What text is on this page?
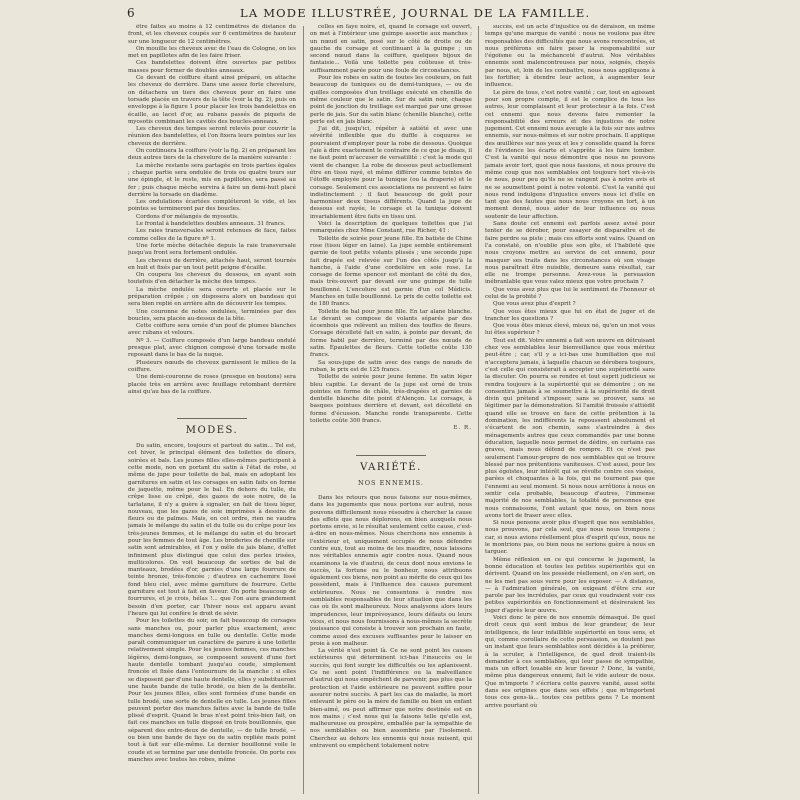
6	LA MODE ILLUSTRÉE, JOURNAL DE LA FAMILLE.

être faites au moins à 12 centimètres de distance du front, et les cheveux coupés sur 6 centimètres de hauteur sur une longueur de 12 centimètres.

On mouille les cheveux avec de l'eau de Cologne, on les met en papillotes afin de les faire friser.

Ces bandelettes doivent être ouvertes par petites masses pour former de doubles anneaux.

Ce devant de coiffure étant ainsi préparé, on attache les cheveux de derrière. Dans une assez forte chevelure, on détachera un tiers des cheveux pour en faire une torsade placée en travers de la tête (voir la fig. 2), puis on enveloppe à la figure 1 pour placer les trois bandelettes en écaille, au lacet d'or, au rubans passés de piquets de myosotis combinant les cavités des boucles-anneaux.

Les cheveux des tempes seront relevés pour couvrir la réunion des bandelettes, et l'on fixera leurs pointes sur les cheveux de derrière.

On continuera la coiffure (voir la fig. 2) en préparant les deux autres tiers de la chevelure de la manière suivante :

La mèche restante sera partagée en trois parties égales ; chaque partie sera ondulée de trois ou quatre tours sur une épingle, et le reste, mis en papillotes, sera passé au fer ; puis chaque mèche servira à faire un demi-huit placé derrière la torsade en diadème.

Les ondulations écartées compléteront le vide, et les pointes se termineront par des boucles.

Cordons d'or mélangés de myosotis.

Le frontal à bandelettes doubles anneaux. 31 francs.

Les raies transversales seront retenues de face, faites comme celles de la figure nº 1.

Une forte mèche détachée depuis la raie transversale jusqu'au front sera fortement ondulée.

Les cheveux de derrière, attachés haut, seront tournés en huit et fixés par un tout petit peigne d'écaille.

On coupera les cheveux du dessous, en ayant soin toutefois d'en détacher la mèche des tempes.

La mèche ondulée sera ouverte et placée sur le préparation crêpée ; on disposera alors un bandeau qui sera bien replié en arrière afin de découvrir les tempes.

Une couronne de notes ondulées, terminées par des boucles, sera placée au-dessus de la tête.

Cette coiffure sera ornée d'un pouf de plumes blanches avec rubans et velours.

Nº 3. — Coiffure composée d'un large bandeau ondulé presque plat, avec chignon composé d'une torsade molle reposant dans le bas de la nuque.

Plusieurs nœuds de cheveux garnissent le milieu de la coiffure.

Une demi-couronne de roses (presque en boutons) sera placée très en arrière avec feuillage retombant derrière ainsi qu'au bas de la coiffure.

MODES.

Du satin, encore, toujours et partout du satin... Tel est, cet hiver, le principal élément des toilettes de dîners, soirées et bals. Les jeunes filles elles-mêmes participent à cette mode, non en portant du satin à l'état de robe, si même de jupe pour toilette de bal, mais en adoptant les garnitures en satin et les corsages en satin faits en forme de jaquette, même pour le bal. En dehors du tulle, du crêpe lisse ou crêpé, des gazes de soie noire, de la tarlatane, il n'y a guère à signaler, en fait de tissu léger, nouveau, que les gazes de soie imprimées à dessins de fleurs ou de palmes. Mais, en cet ordre, rien ne vaudra jamais le mélange du satin et du tulle ou du crêpe pour les très-jeunes femmes, et le mélange du satin et du brocart pour les femmes de tout âge. Les broderies de chenille sur satin sont admirables, et l'on y mêle du jais blanc, d'effet infiniment plus distingué que celui des perles irisées, multicolores. On voit beaucoup de sorties de bal de manteaux, brodées d'or, garnies d'une large fourrure de teinte bronze, très-foncée ; d'autres en cachemire lissé fond bleu ciel, avec même garniture de fourrure. Cette garniture est tout à fait en faveur. On porte beaucoup de fourrures, et je crois, hélas !... que l'on aura grandement besoin d'en porter, car l'hiver nous est apparu avant l'heure qui lui confère le droit de sévir.

Pour les toilettes du soir, on fait beaucoup de corsages sans manches ou, pour parler plus exactement, avec manches demi-longues en tulle ou dentelle. Cette mode paraît communiquer un caractère de parure à une toilette relativement simple. Pour les jeunes femmes, ces manches légères, demi-longues, se composent souvent d'une fort haute dentelle tombant jusqu'au coude, simplement froncée et fixée dans l'entournure de la manche ; si elles se disposent par d'une haute dentelle, elles y substitueront une haute bande de tulle brodé, ou bien de la dentelle. Pour les jeunes filles, elles sont formées d'une bande en tulle brodé, une sorte de dentelle en tulle. Les jeunes filles peuvent porter des manches faites avec la bande de tulle plissé d'esprit. Quand le bras n'est point très-bien fait, on fait ces manches en tulle disposé en trois bouillonnés, que séparent des entre-deux de dentelle, — de tulle brodé, — ou bien une bande de faye ou de satin repliée mais point tout à fait sur elle-même. Le dernier bouillonné voile le coude et se termine par une dentelle froncée. On porte ces manches avec toutes les robes, même

celles en faye noire, et, quand le corsage est ouvert, on met à l'intérieur une guimpe assortie aux manches ; un nœud en satin, posé sur le côté de droite ou de gauche du corsage et continuant à la guimpe ; un second nœud dans la coiffure, quelques bijoux de fantaisie... Voilà une toilette peu coûteuse et très-suffisamment parée pour une foule de circonstances.

Pour les robes en satin de toutes les couleurs, on fait beaucoup de tuniques ou de demi-tuniques, — ou de quilles composées d'un treillage exécuté en chenille de même couleur que le satin. Sur du satin noir, chaque point de jonction du treillage est marqué par une grosse perle de jais. Sur du satin blanc (chenille blanche), cette perle est en jais blanc.

J'ai dit, jusqu'ici, répéter à satiété et avec une sévérité inflexible que du duffle à coquures se pourvaient d'employer pour la robe de dessous. Quoique j'aie à dire exactement le contraire de ce que je disais, il ne faut point m'accuser de versatilité : c'est la mode qui vient de changer. La robe de dessous peut actuellement être en tissu rayé, et même différer comme teintes de l'étoffe employée pour la tunique (ou la draperie) et le corsage. Seulement ces associations ne peuvent se faire indistinctement ; il faut beaucoup de goût pour harmoniser deux tissus différents. Quand la jupe de dessous est rayée, le corsage et la tunique doivent invariablement être faits en tissu uni.

Voici la description de quelques toilettes que j'ai remarquées chez Mme Constant, rue Richer, 41 :

Toilette de soirée pour jeune fille. En batiste de Chine rose (tissu léger en laine). La jupe semble entièrement garnie de tout petits volants plissés ; une seconde jupe fait drapée est relevée sur l'un des côtés jusqu'à la hanche, à l'aide d'une cordelière en soie rose. Le corsage de forme spencer est montant de côté du dos, mais très-ouvert par devant sur une guimpe de tulle bouillonné. L'encolure est garnie d'un col Médicis. Manches en tulle bouillonné. Le prix de cette toilette est de 180 francs.

Toilette de bal pour jeune fille. En tar alane blanche. Le devant se compose de volants séparés par des écoenbois que relèvent au milieu des touffes de fleurs. Corsage décolleté fait en satin, à pointe par devant, de forme habil par derrière, terminé par des nœuds de satin. Épaulettes de fleurs. Cette toilette coûte 130 francs.

Sa sous-jupe de satin avec des rangs de nœuds de ruban, le prix est de 125 francs.

Toilette de soirée pour jeune femme. En satin léger bleu capitie. Le devant de la jupe est orné de trois pointes en forme de châle, très-drapées et garnies de dentelle blanche dite point d'Alençon. Le corsage, à basques pointues derrière et devant, est décolleté en forme d'écusson. Manche ronde transparente. Cette toilette coûte 300 francs.

E. R.

VARIÉTÉ.
NOS ENNEMIS.

Dans les retours que nous faisons sur nous-mêmes, dans les jugements que nous portons sur autrui, nous pouvons difficilement nous résoudre à chercher la cause des effets que nous déplorons, en bien auxquels nous portons envie, si le résultat seulement cette cause, c'est-à-dire en nous-mêmes. Nous cherchons nos ennemis à l'extérieur et, uniquement occupés de nous défendre contre eux, tout au moins de les maudire, nous laissons nos véritables ennemis agir contre nous. Quand nous examinons la vie d'autrui, de ceux dont nous envions le succès, la fortune ou le bonheur, nous attribuons également ces biens, non point au mérite de ceux qui les possèdent, mais à l'influence des causes purement extérieures. Nous ne consentons à rendre nos semblables responsables de leur situation que dans les cas où ils sont malheureux. Nous analysons alors leurs imprudences, leur imprévoyance, leurs défauts ou leurs vices, et nous nous fournissons à nous-mêmes la secrète jouissance qui consiste à trouver son prochain en faute, comme aussi des excuses suffisantes pour le laisser en proie à son malheur.

La vérité n'est point là. Ce ne sont point les causes extérieures qui déterminent ici-bas l'insuccès ou le succès, qui font surgir les difficultés ou les aplanissent. Ce ne sont point l'indifférence ou la malveillance d'autrui qui nous empêchent de parvenir, pas plus que la protection et l'aide extérieure ne peuvent suffire pour assurer notre succès. A part les cas de maladie, la mort enlevant le père ou la mère de famille ou bien un enfant bien-aimé, ou peut affirmer que notre destinée est en nos mains ; c'est nous qui la faisons telle qu'elle est, malheureuse ou prospère, emballée par la sympathie de nos semblables ou bien assombrie par l'isolement. Cherchez au dehors les ennemis qui nous nuisent, qui entravent ou empêchent totalement notre

succès, est un acte d'injustice ou de déraison, en même temps qu'une marque de vanité : nous ne voulons pas être responsables des difficultés que nous avons rencontrées, et nous préférons en faire peser la responsabilité sur l'égoïsme ou la méchanceté d'autrui. Nos véritables ennemis sont malencontreuses par nous, soignés, choyés par nous, et, loin de les combattre, nous nous appliquons à les fortifier, à étendre leur action, à augmenter leur influence.

Le père de tous, c'est notre vanité ; car, tout en agissant pour son propre compte, il est le complice de tous les autres, leur complaisant et leur protecteur à la fois. C'est cet ennemi que nous devons faire remonter la responsabilité des erreurs et des injustices de notre jugement. Cet ennemi nous aveugle à la fois sur nos autres ennemis, sur nous-mêmes et sur notre prochain. Il applique des œuillères sur nos yeux et les y consolide quand la force de l'évidence les écarte et s'apprête à les faire tomber. C'est la vanité qui nous démontre que nous ne pouvons jamais avoir tort, quoi que nous fassions, et nous prouve du même coup que nos semblables ont toujours tort vis-à-vis de nous, pour peu qu'ils ne se rangent pas à notre avis et ne se soumettent point à notre volonté. C'est la vanité qui nous rend indulgens d'injustice envers nous ici d'elle en tant que des fautes que nous nous croyons en tort, à un moment donné, nous aider de leur influence ou nous soutenir de leur affection.

Sans doute cet ennemi est parfois assez avisé pour tenter de se dérober, pour essayer de disparaître et de faire perdre sa piste ; mais ces efforts sont vains. Quand on l'a constaté, on n'oublie plus son gîte, et l'habileté que nous croyons mettre au service de cet ennemi, pour masquer ses traits dans les circonstances où son visage nous paraîtrait être nuisible, demeure sans résultat, car elle ne trompe personne. Avez-vous la persuasion inébranlable que vous valez mieux que votre prochain ?

Que vous avez plus que lui le sentiment de l'honneur et celui de la probité ?

Que vous avez plus d'esprit ?

Que vous êtes mieux que lui en état de juger et de trancher les questions ?

Que vous êtes mieux élevé, mieux né, qu'en un mot vous lui êtes supérieur ?

Tout est dit. Votre ennemi a fait son œuvre en détruisant chez vos semblables leur bienveillance que vous méritez peut-être ; car, s'il y a ici-bas une humiliation que nul n'acceptera jamais, à laquelle chacun se dérobera toujours, c'est celle qui consisterait à accepter une supériorité sans la discuter. On pourra se rendre et tout esprit judicieux se rendra toujours à la supériorité qui se démontre ; on ne consentira jamais à se soumettre à la supériorité de droit divin qui prétend s'imposer, sans se prouver, sans se légitimer par la démonstration. Si l'amitié froissée s'attiédit quand elle se trouve en face de cette prétention à la domination, les indifférents la repoussent absolument et s'écartent de son chemin, sans s'astreindre à des ménagements autres que ceux commandés par une bonne éducation, laquelle nous permet de dédire, en certains cas graves, mais nous défend de rompre. Et ce n'est pas seulement l'amour-propre de nos semblables qui se trouve blessé par nos prétentions vaniteuses. C'est aussi, pour les plus égoïstes, leur intérêt qui se révolte contre ces visées, parées et choquantes à la fois, qui ne tournent pas que l'ennemi au seul moment. Si nous nous arrêtions à nous en sentir cela probable, beaucoup d'autres, l'immense majorité de nos semblables, la totalité de personnes que nous connaissons, l'ont autant que nous, on bien nous avons tort de fraser avec elles.

Si nous pensons avoir plus d'esprit que nos semblables, nous prouvons, par cela seul, que nous nous trompons ; car, si nous avions réellement plus d'esprit qu'eux, nous ne le montrions pas, ou bien nous ne serions guère à nous en targuer.

Même réflexion en ce qui concerne le jugement, la bonne éducation et toutes les petites supériorités qui en dérivent. Quand on les possède réellement, on s'en sert, on ne les met pas sous verre pour les exposer. — A distance, — à l'admiration générale, on exigeant d'être cru sur parole par les incrédules, par ceux qui voudraient voir ces petites supériorités en fonctionnement et désireraient les juger d'après leur œuvre.

Voici donc le père de nos ennemis démasqué. De quel droit ceux qui sont imbus de leur grandeur, de leur intelligence, de leur infaillible supériorité en tous sens, et qui, comme corollaire de cette persuasion, se doutent pas un instant que leurs semblables sont décidés à la préférer, à la scruter, à l'intelligence, de quel droit iraient-ils demander à ces semblables, qui leur passe de sympathie, mais un effort louable en leur faveur ? Donc, la vanité, même plus dangereux ennemi, fait le vide autour de nous. Que m'importe ? s'écriera cette pauvre vanité, aussi sotte dans ses origines que dans ses effets ; que m'importent tous ces gens-là... toutes ces petites gens ? Le moment arrive pourtant où
